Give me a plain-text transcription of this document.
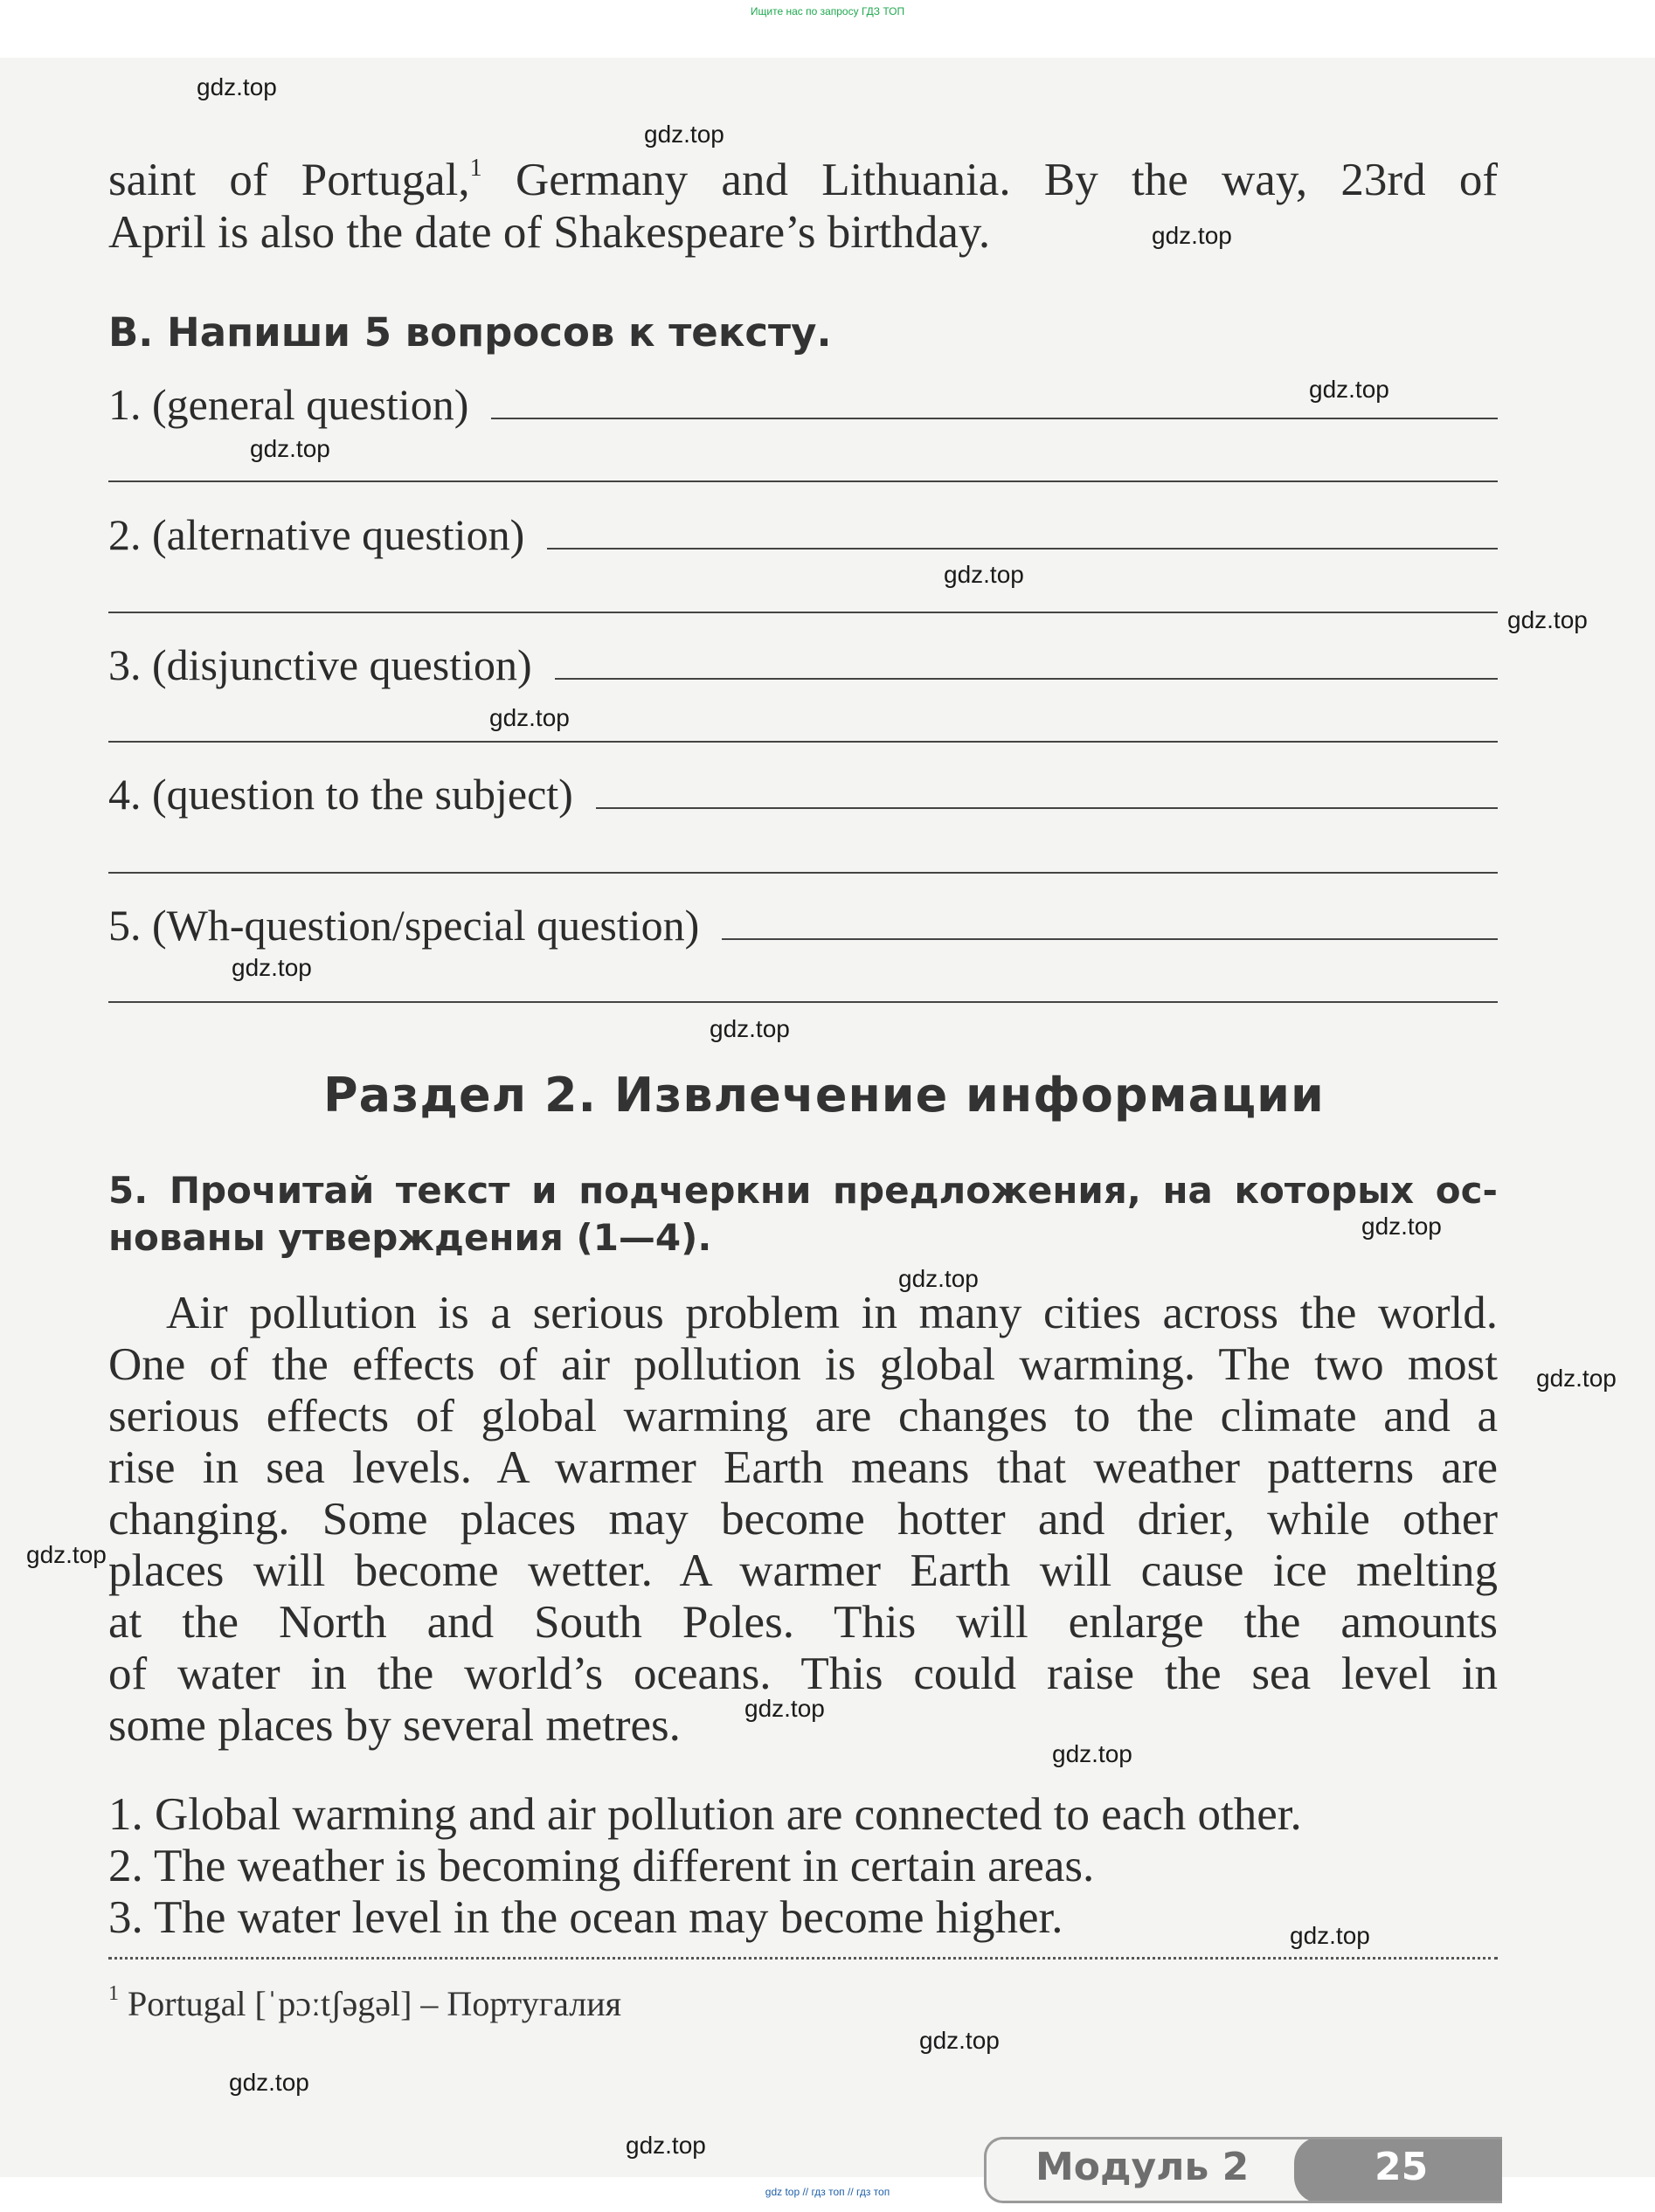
Ищите нас по запросу ГДЗ ТОП
saint of Portugal,$^1$ Germany and Lithuania. By the way, 23rd of
April is also the date of Shakespeare’s birthday.
B. Напиши 5 вопросов к тексту.
1. (general question)
2. (alternative question)
3. (disjunctive question)
4. (question to the subject)
5. (Wh-question/special question)
Раздел 2. Извлечение информации
5. Прочитай текст и подчеркни предложения, на которых ос-
нованы утверждения (1—4).
Air pollution is a serious problem in many cities across the world.
One of the effects of air pollution is global warming. The two most
serious effects of global warming are changes to the climate and a
rise in sea levels. A warmer Earth means that weather patterns are
changing. Some places may become hotter and drier, while other
places will become wetter. A warmer Earth will cause ice melting
at the North and South Poles. This will enlarge the amounts
of water in the world’s oceans. This could raise the sea level in
some places by several metres.
1. Global warming and air pollution are connected to each other.
2. The weather is becoming different in certain areas.
3. The water level in the ocean may become higher.
$^1$ Portugal [ˈpɔːtʃəgəl] – Португалия
Модуль 2	25
gdz.top
gdz.top
gdz.top
gdz.top
gdz.top
gdz.top
gdz.top
gdz.top
gdz.top
gdz.top
gdz.top
gdz.top
gdz.top
gdz.top
gdz.top
gdz.top
gdz.top
gdz.top
gdz.top
gdz.top
gdz top // гдз топ // гдз топ
